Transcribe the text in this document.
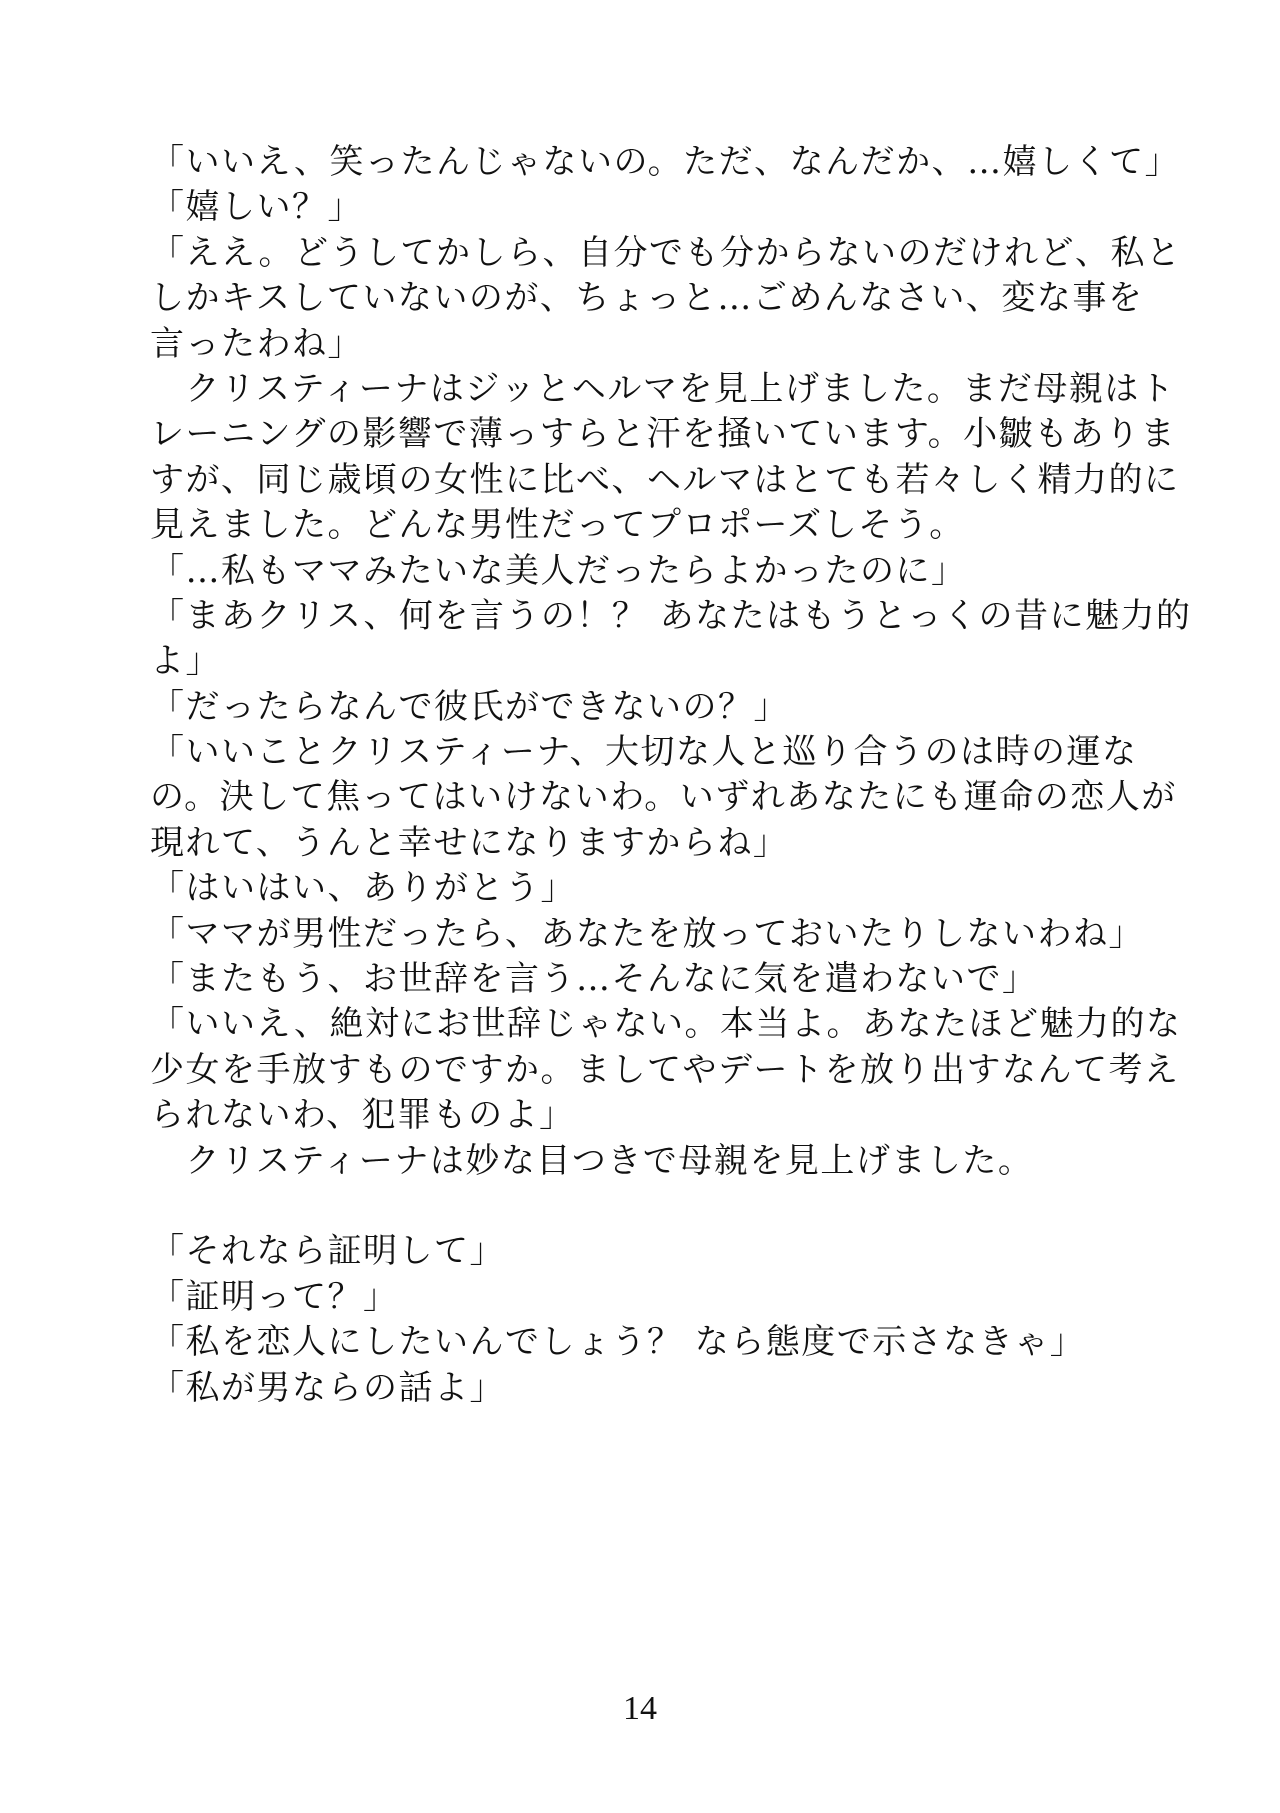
「いいえ、笑ったんじゃないの。ただ、なんだか、…嬉しくて」
「嬉しい？」
「ええ。どうしてかしら、自分でも分からないのだけれど、私と
しかキスしていないのが、ちょっと…ごめんなさい、変な事を
言ったわね」
　クリスティーナはジッとヘルマを見上げました。まだ母親はト
レーニングの影響で薄っすらと汗を掻いています。小皺もありま
すが、同じ歳頃の女性に比べ、ヘルマはとても若々しく精力的に
見えました。どんな男性だってプロポーズしそう。
「…私もママみたいな美人だったらよかったのに」
「まあクリス、何を言うの！？ あなたはもうとっくの昔に魅力的
よ」
「だったらなんで彼氏ができないの？」
「いいことクリスティーナ、大切な人と巡り合うのは時の運な
の。決して焦ってはいけないわ。いずれあなたにも運命の恋人が
現れて、うんと幸せになりますからね」
「はいはい、ありがとう」
「ママが男性だったら、あなたを放っておいたりしないわね」
「またもう、お世辞を言う…そんなに気を遣わないで」
「いいえ、絶対にお世辞じゃない。本当よ。あなたほど魅力的な
少女を手放すものですか。ましてやデートを放り出すなんて考え
られないわ、犯罪ものよ」
　クリスティーナは妙な目つきで母親を見上げました。
「それなら証明して」
「証明って？」
「私を恋人にしたいんでしょう？ なら態度で示さなきゃ」
「私が男ならの話よ」
14
